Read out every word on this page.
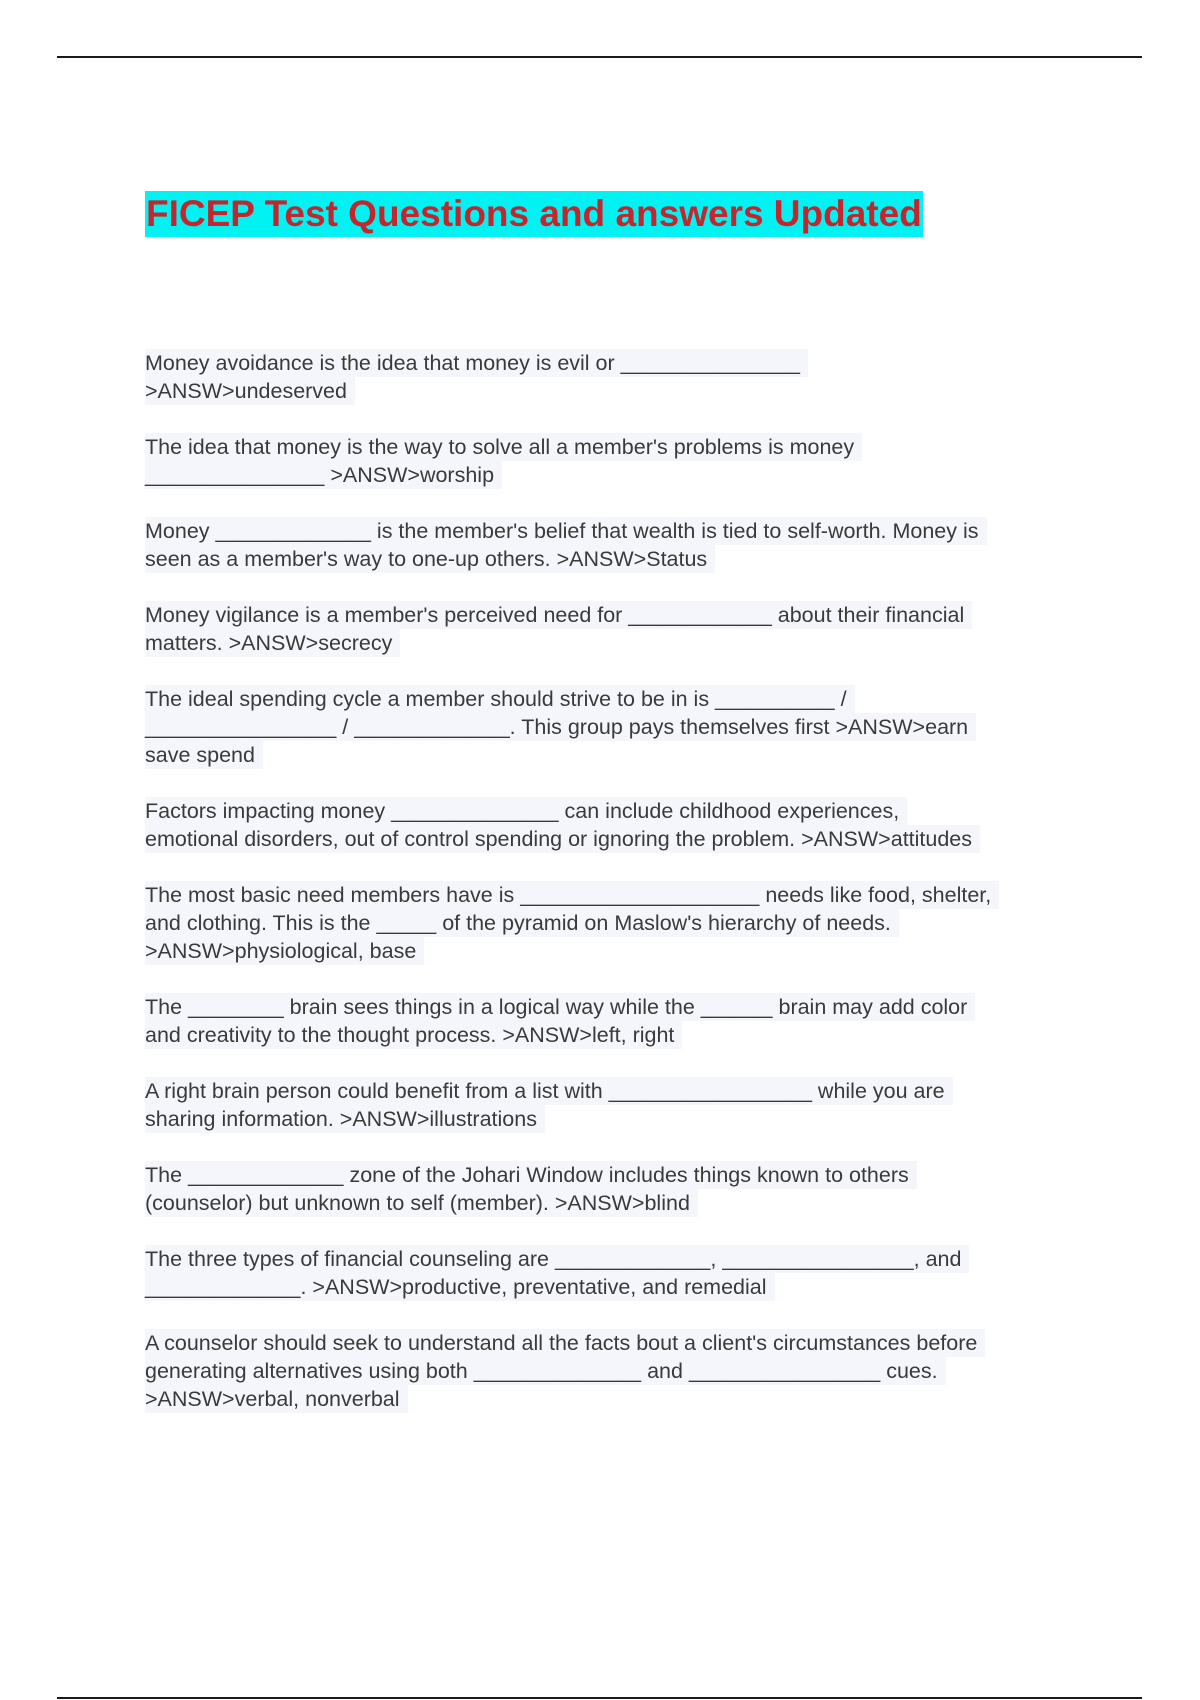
FICEP Test Questions and answers Updated
Money avoidance is the idea that money is evil or _______________
>ANSW>undeserved
The idea that money is the way to solve all a member's problems is money
_______________ >ANSW>worship
Money _____________ is the member's belief that wealth is tied to self-worth. Money is
seen as a member's way to one-up others. >ANSW>Status
Money vigilance is a member's perceived need for ____________ about their financial
matters. >ANSW>secrecy
The ideal spending cycle a member should strive to be in is __________ /
________________ / _____________. This group pays themselves first >ANSW>earn
save spend
Factors impacting money ______________ can include childhood experiences,
emotional disorders, out of control spending or ignoring the problem. >ANSW>attitudes
The most basic need members have is ____________________ needs like food, shelter,
and clothing. This is the _____ of the pyramid on Maslow's hierarchy of needs.
>ANSW>physiological, base
The ________ brain sees things in a logical way while the ______ brain may add color
and creativity to the thought process. >ANSW>left, right
A right brain person could benefit from a list with _________________ while you are
sharing information. >ANSW>illustrations
The _____________ zone of the Johari Window includes things known to others
(counselor) but unknown to self (member). >ANSW>blind
The three types of financial counseling are _____________, ________________, and
_____________. >ANSW>productive, preventative, and remedial
A counselor should seek to understand all the facts bout a client's circumstances before
generating alternatives using both ______________ and ________________ cues.
>ANSW>verbal, nonverbal
